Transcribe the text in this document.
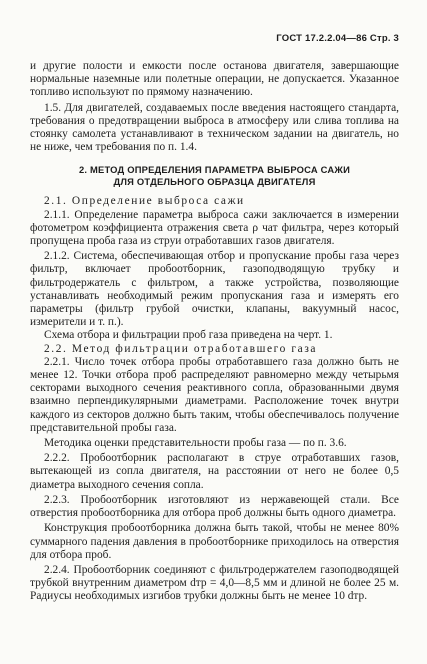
ГОСТ 17.2.2.04—86 Стр. 3

и другие полости и емкости после останова двигателя, завершающие нормальные наземные или полетные операции, не допускается. Указанное топливо используют по прямому назначению.

1.5. Для двигателей, создаваемых после введения настоящего стандарта, требования о предотвращении выброса в атмосферу или слива топлива на стоянку самолета устанавливают в техническом задании на двигатель, но не ниже, чем требования по п. 1.4.

2. МЕТОД ОПРЕДЕЛЕНИЯ ПАРАМЕТРА ВЫБРОСА САЖИ
ДЛЯ ОТДЕЛЬНОГО ОБРАЗЦА ДВИГАТЕЛЯ

2.1. Определение выброса сажи

2.1.1. Определение параметра выброса сажи заключается в измерении фотометром коэффициента отражения света ρ чат фильтра, через который пропущена проба газа из струи отработавших газов двигателя.

2.1.2. Система, обеспечивающая отбор и пропускание пробы газа через фильтр, включает пробоотборник, газоподводящую трубку и фильтродержатель с фильтром, а также устройства, позволяющие устанавливать необходимый режим пропускания газа и измерять его параметры (фильтр грубой очистки, клапаны, вакуумный насос, измерители и т. п.).

Схема отбора и фильтрации проб газа приведена на черт. 1.

2.2. Метод фильтрации отработавшего газа

2.2.1. Число точек отбора пробы отработавшего газа должно быть не менее 12. Точки отбора проб распределяют равномерно между четырьмя секторами выходного сечения реактивного сопла, образованными двумя взаимно перпендикулярными диаметрами. Расположение точек внутри каждого из секторов должно быть таким, чтобы обеспечивалось получение представительной пробы газа.

Методика оценки представительности пробы газа — по п. 3.6.

2.2.2. Пробоотборник располагают в струе отработавших газов, вытекающей из сопла двигателя, на расстоянии от него не более 0,5 диаметра выходного сечения сопла.

2.2.3. Пробоотборник изготовляют из нержавеющей стали. Все отверстия пробоотборника для отбора проб должны быть одного диаметра.

Конструкция пробоотборника должна быть такой, чтобы не менее 80% суммарного падения давления в пробоотборнике приходилось на отверстия для отбора проб.

2.2.4. Пробоотборник соединяют с фильтродержателем газоподводящей трубкой внутренним диаметром dтр = 4,0—8,5 мм и длиной не более 25 м. Радиусы необходимых изгибов трубки должны быть не менее 10 dтр.
